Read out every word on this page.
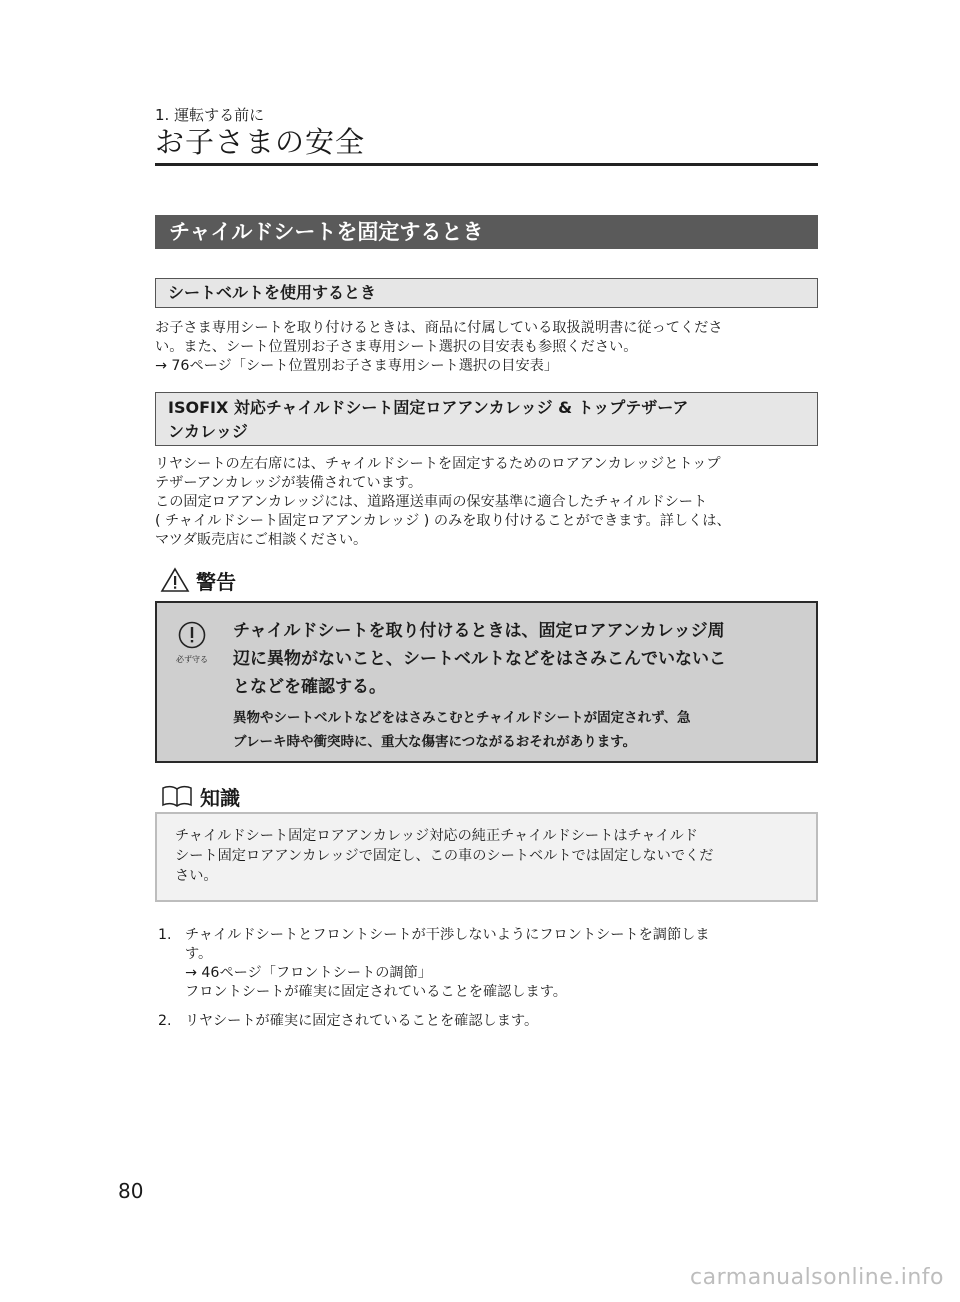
1. 運転する前に
お子さまの安全
チャイルドシートを固定するとき
シートベルトを使用するとき

お子さま専用シートを取り付けるときは、商品に付属している取扱説明書に従ってくださ
い。また、シート位置別お子さま専用シート選択の目安表も参照ください。
→ 76ページ「シート位置別お子さま専用シート選択の目安表」

ISOFIX 対応チャイルドシート固定ロアアンカレッジ & トップテザーア
ンカレッジ

リヤシートの左右席には、チャイルドシートを固定するためのロアアンカレッジとトップ
テザーアンカレッジが装備されています。
この固定ロアアンカレッジには、道路運送車両の保安基準に適合したチャイルドシート
( チャイルドシート固定ロアアンカレッジ ) のみを取り付けることができます。詳しくは、
マツダ販売店にご相談ください。

警告
必ず守る

チャイルドシートを取り付けるときは、固定ロアアンカレッジ周
辺に異物がないこと、シートベルトなどをはさみこんでいないこ
となどを確認する。

異物やシートベルトなどをはさみこむとチャイルドシートが固定されず、急
ブレーキ時や衝突時に、重大な傷害につながるおそれがあります。

知識

チャイルドシート固定ロアアンカレッジ対応の純正チャイルドシートはチャイルド
シート固定ロアアンカレッジで固定し、この車のシートベルトでは固定しないでくだ
さい。

1. チャイルドシートとフロントシートが干渉しないようにフロントシートを調節しま
す。
→ 46ページ「フロントシートの調節」
フロントシートが確実に固定されていることを確認します。
2. リヤシートが確実に固定されていることを確認します。
80
carmanualsonline.info
